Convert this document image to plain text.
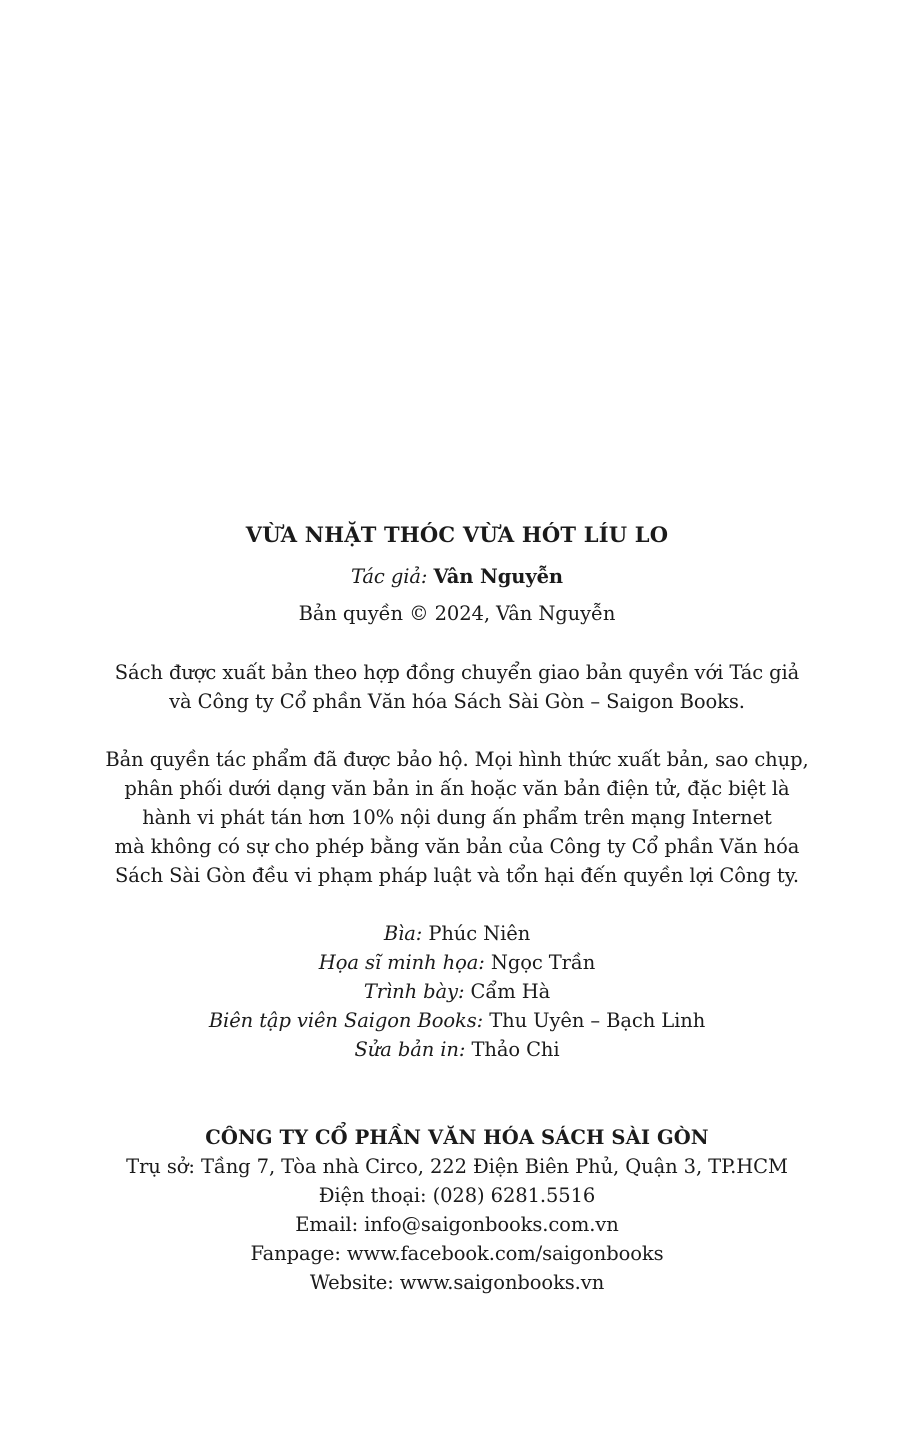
VỪA NHẶT THÓC VỪA HÓT LÍU LO
Tác giả: Vân Nguyễn
Bản quyền © 2024, Vân Nguyễn
Sách được xuất bản theo hợp đồng chuyển giao bản quyền với Tác giả
và Công ty Cổ phần Văn hóa Sách Sài Gòn – Saigon Books.
Bản quyền tác phẩm đã được bảo hộ. Mọi hình thức xuất bản, sao chụp,
phân phối dưới dạng văn bản in ấn hoặc văn bản điện tử, đặc biệt là
hành vi phát tán hơn 10% nội dung ấn phẩm trên mạng Internet
mà không có sự cho phép bằng văn bản của Công ty Cổ phần Văn hóa
Sách Sài Gòn đều vi phạm pháp luật và tổn hại đến quyền lợi Công ty.
Bìa: Phúc Niên
Họa sĩ minh họa: Ngọc Trần
Trình bày: Cẩm Hà
Biên tập viên Saigon Books: Thu Uyên – Bạch Linh
Sửa bản in: Thảo Chi
CÔNG TY CỔ PHẦN VĂN HÓA SÁCH SÀI GÒN
Trụ sở: Tầng 7, Tòa nhà Circo, 222 Điện Biên Phủ, Quận 3, TP.HCM
Điện thoại: (028) 6281.5516
Email: info@saigonbooks.com.vn
Fanpage: www.facebook.com/saigonbooks
Website: www.saigonbooks.vn
